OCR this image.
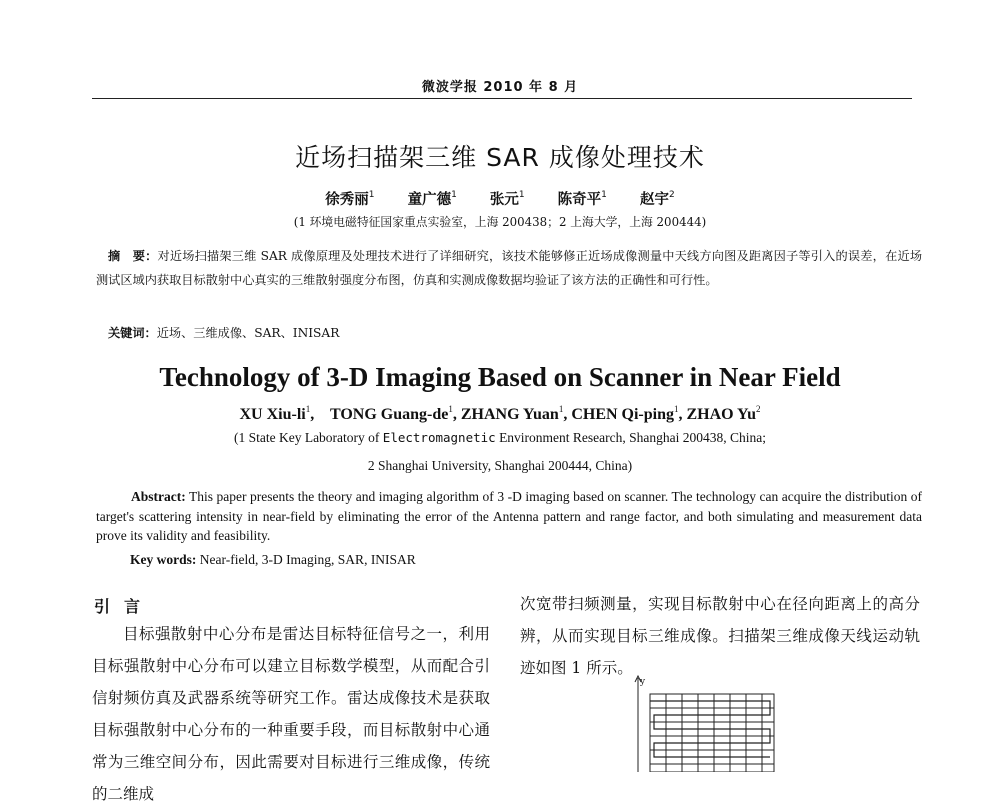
微波学报 2010 年 8 月
近场扫描架三维 SAR 成像处理技术
徐秀丽$^1$ 童广德$^1$ 张元$^1$ 陈奇平$^1$ 赵宇$^2$
(1 环境电磁特征国家重点实验室，上海 200438；2 上海大学，上海 200444)
摘　要：对近场扫描架三维 SAR 成像原理及处理技术进行了详细研究，该技术能够修正近场成像测量中天线方向图及距离因子等引入的误差，在近场测试区域内获取目标散射中心真实的三维散射强度分布图，仿真和实测成像数据均验证了该方法的正确性和可行性。
关键词：近场、三维成像、SAR、INISAR
Technology of 3-D Imaging Based on Scanner in Near Field
XU Xiu-$li^1$,    TONG Guang-$de^1$, ZHANG Yuan$^1$, CHEN Qi-ping$^1$, ZHAO Yu$^2$
(1 State Key Laboratory of Electromagnetic Environment Research, Shanghai 200438, China;
2 Shanghai University, Shanghai 200444, China)
Abstract: This paper presents the theory and imaging algorithm of 3 -D imaging based on scanner. The technology can acquire the distribution of target's scattering intensity in near-field by eliminating the error of the Antenna pattern and range factor, and both simulating and measurement data prove its validity and feasibility.
Key words: Near-field, 3-D Imaging, SAR, INISAR
引言
目标强散射中心分布是雷达目标特征信号之一，利用目标强散射中心分布可以建立目标数学模型，从而配合引信射频仿真及武器系统等研究工作。雷达成像技术是获取目标强散射中心分布的一种重要手段，而目标散射中心通常为三维空间分布，因此需要对目标进行三维成像，传统的二维成
次宽带扫频测量，实现目标散射中心在径向距离上的高分辨，从而实现目标三维成像。扫描架三维成像天线运动轨迹如图 1 所示。
y
